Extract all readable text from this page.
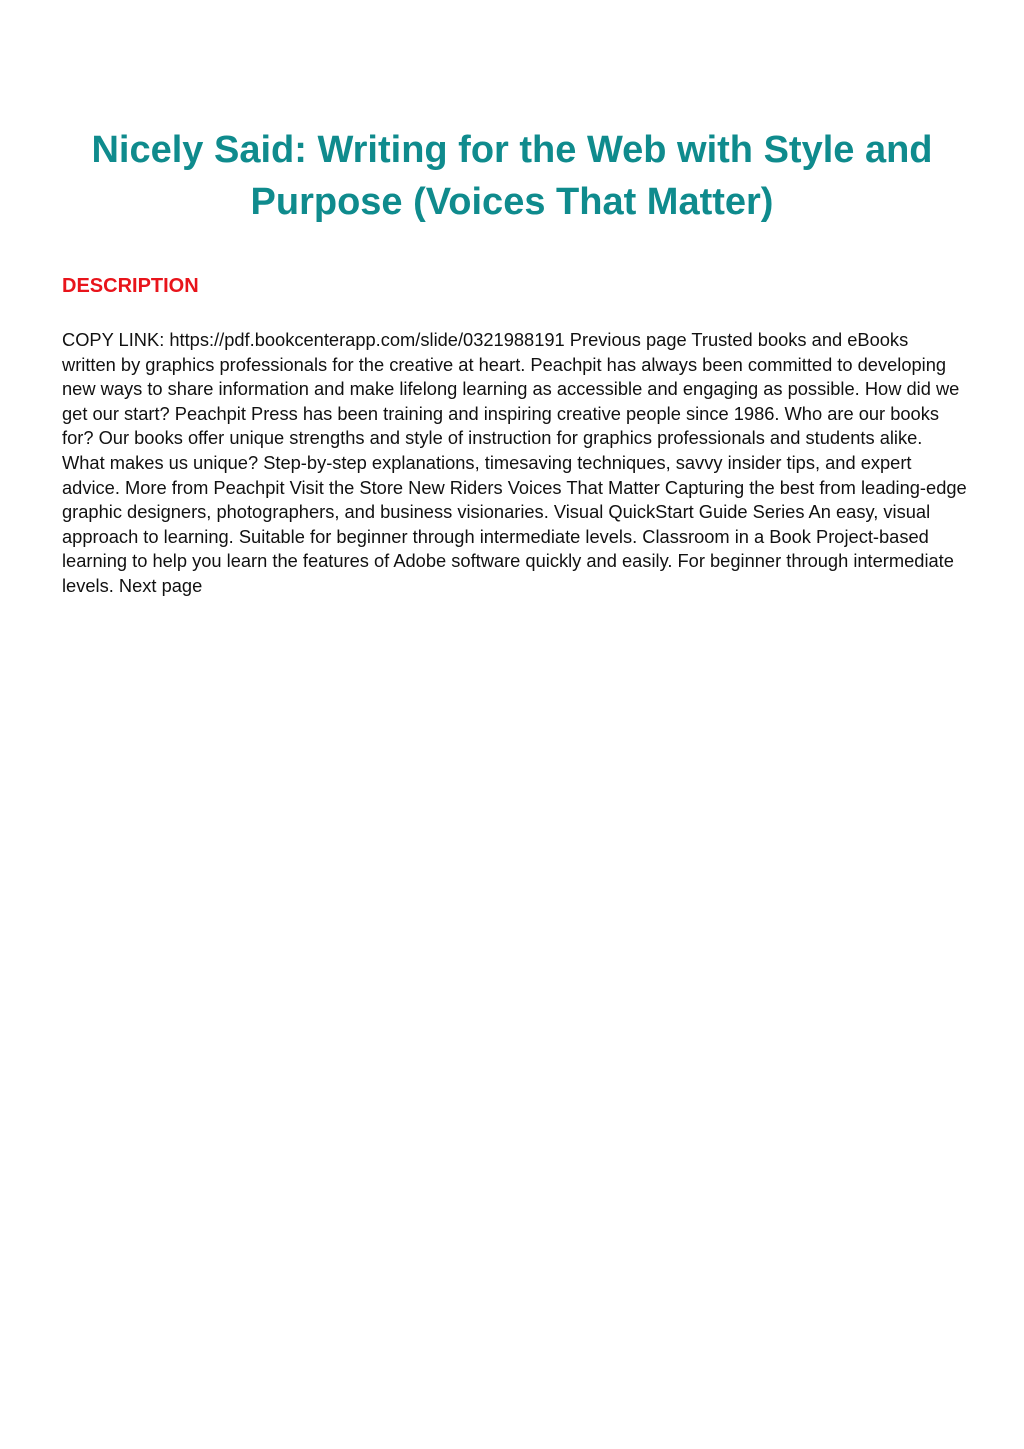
Nicely Said: Writing for the Web with Style and Purpose (Voices That Matter)
DESCRIPTION

COPY LINK: https://pdf.bookcenterapp.com/slide/0321988191 Previous page Trusted books and eBooks written by graphics professionals for the creative at heart. Peachpit has always been committed to developing new ways to share information and make lifelong learning as accessible and engaging as possible. How did we get our start? Peachpit Press has been training and inspiring creative people since 1986. Who are our books for? Our books offer unique strengths and style of instruction for graphics professionals and students alike. What makes us unique? Step-by-step explanations, timesaving techniques, savvy insider tips, and expert advice. More from Peachpit Visit the Store New Riders Voices That Matter Capturing the best from leading-edge graphic designers, photographers, and business visionaries. Visual QuickStart Guide Series An easy, visual approach to learning. Suitable for beginner through intermediate levels. Classroom in a Book Project-based learning to help you learn the features of Adobe software quickly and easily. For beginner through intermediate levels. Next page
